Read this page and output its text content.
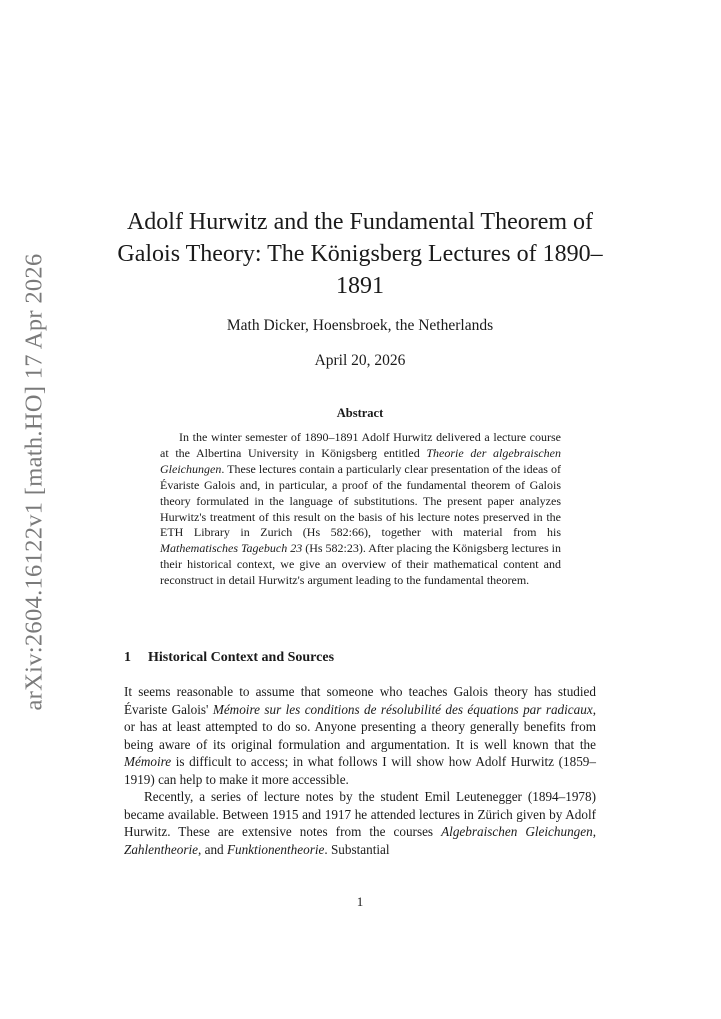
arXiv:2604.16122v1 [math.HO] 17 Apr 2026
Adolf Hurwitz and the Fundamental Theorem of Galois Theory: The Königsberg Lectures of 1890–1891
Math Dicker, Hoensbroek, the Netherlands
April 20, 2026
Abstract

In the winter semester of 1890–1891 Adolf Hurwitz delivered a lecture course at the Albertina University in Königsberg entitled Theorie der algebraischen Gleichungen. These lectures contain a particularly clear presentation of the ideas of Évariste Galois and, in particular, a proof of the fundamental theorem of Galois theory formulated in the language of substitutions. The present paper analyzes Hurwitz's treatment of this result on the basis of his lecture notes preserved in the ETH Library in Zurich (Hs 582:66), together with material from his Mathematisches Tagebuch 23 (Hs 582:23). After placing the Königsberg lectures in their historical context, we give an overview of their mathematical content and reconstruct in detail Hurwitz's argument leading to the fundamental theorem.

1 Historical Context and Sources

It seems reasonable to assume that someone who teaches Galois theory has studied Évariste Galois' Mémoire sur les conditions de résolubilité des équations par radicaux, or has at least attempted to do so. Anyone presenting a theory generally benefits from being aware of its original formulation and argumentation. It is well known that the Mémoire is difficult to access; in what follows I will show how Adolf Hurwitz (1859–1919) can help to make it more accessible.

Recently, a series of lecture notes by the student Emil Leutenegger (1894–1978) became available. Between 1915 and 1917 he attended lectures in Zürich given by Adolf Hurwitz. These are extensive notes from the courses Algebraischen Gleichungen, Zahlentheorie, and Funktionentheorie. Substantial

1
